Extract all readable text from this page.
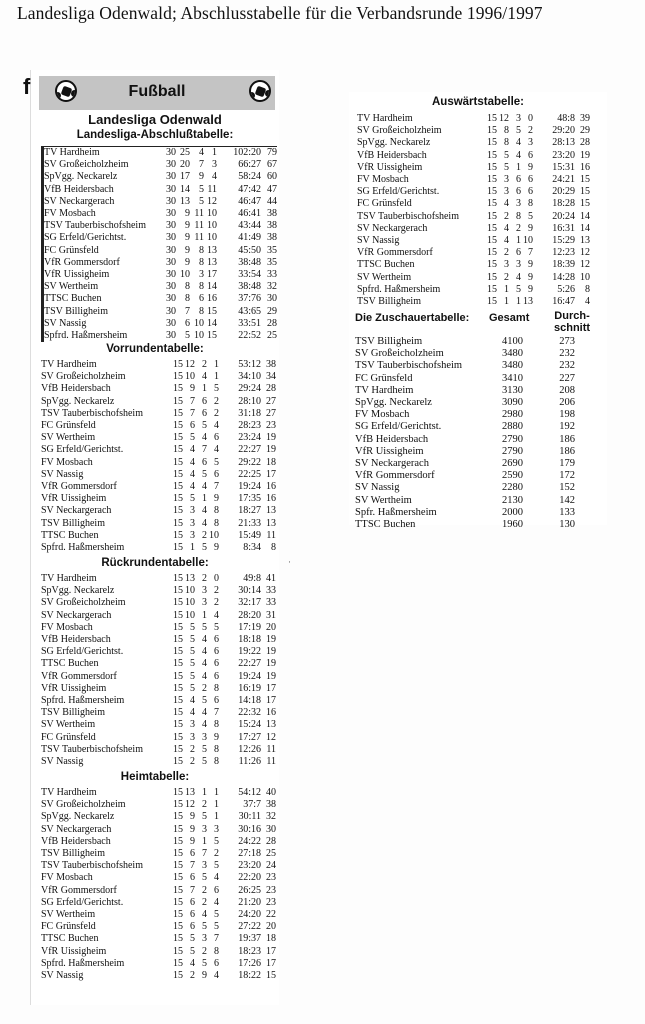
Landesliga Odenwald; Abschlusstabelle für die Verbandsrunde 1996/1997
f	Fußball
Landesliga Odenwald
Landesliga-Abschlußtabelle:
TV Hardheim	30	25	4	1	102:20	79
SV Großeicholzheim	30	20	7	3	66:27	67
SpVgg. Neckarelz	30	17	9	4	58:24	60
VfB Heidersbach	30	14	5	11	47:42	47
SV Neckargerach	30	13	5	12	46:47	44
FV Mosbach	30	9	11	10	46:41	38
TSV Tauberbischofsheim	30	9	11	10	43:44	38
SG Erfeld/Gerichtst.	30	9	11	10	41:49	38
FC Grünsfeld	30	9	8	13	45:50	35
VfR Gommersdorf	30	9	8	13	38:48	35
VfR Uissigheim	30	10	3	17	33:54	33
SV Wertheim	30	8	8	14	38:48	32
TTSC Buchen	30	8	6	16	37:76	30
TSV Billigheim	30	7	8	15	43:65	29
SV Nassig	30	6	10	14	33:51	28
Spfrd. Haßmersheim	30	5	10	15	22:52	25
Vorrundentabelle:
TV Hardheim	15	12	2	1	53:12	38
SV Großeicholzheim	15	10	4	1	34:10	34
VfB Heidersbach	15	9	1	5	29:24	28
SpVgg. Neckarelz	15	7	6	2	28:10	27
TSV Tauberbischofsheim	15	7	6	2	31:18	27
FC Grünsfeld	15	6	5	4	28:23	23
SV Wertheim	15	5	4	6	23:24	19
SG Erfeld/Gerichtst.	15	4	7	4	22:27	19
FV Mosbach	15	4	6	5	29:22	18
SV Nassig	15	4	5	6	22:25	17
VfR Gommersdorf	15	4	4	7	19:24	16
VfR Uissigheim	15	5	1	9	17:35	16
SV Neckargerach	15	3	4	8	18:27	13
TSV Billigheim	15	3	4	8	21:33	13
TTSC Buchen	15	3	2	10	15:49	11
Spfrd. Haßmersheim	15	1	5	9	8:34	8
Rückrundentabelle:
TV Hardheim	15	13	2	0	49:8	41
SpVgg. Neckarelz	15	10	3	2	30:14	33
SV Großeicholzheim	15	10	3	2	32:17	33
SV Neckargerach	15	10	1	4	28:20	31
FV Mosbach	15	5	5	5	17:19	20
VfB Heidersbach	15	5	4	6	18:18	19
SG Erfeld/Gerichtst.	15	5	4	6	19:22	19
TTSC Buchen	15	5	4	6	22:27	19
VfR Gommersdorf	15	5	4	6	19:24	19
VfR Uissigheim	15	5	2	8	16:19	17
Spfrd. Haßmersheim	15	4	5	6	14:18	17
TSV Billigheim	15	4	4	7	22:32	16
SV Wertheim	15	3	4	8	15:24	13
FC Grünsfeld	15	3	3	9	17:27	12
TSV Tauberbischofsheim	15	2	5	8	12:26	11
SV Nassig	15	2	5	8	11:26	11
Heimtabelle:
TV Hardheim	15	13	1	1	54:12	40
SV Großeicholzheim	15	12	2	1	37:7	38
SpVgg. Neckarelz	15	9	5	1	30:11	32
SV Neckargerach	15	9	3	3	30:16	30
VfB Heidersbach	15	9	1	5	24:22	28
TSV Billigheim	15	6	7	2	27:18	25
TSV Tauberbischofsheim	15	7	3	5	23:20	24
FV Mosbach	15	6	5	4	22:20	23
VfR Gommersdorf	15	7	2	6	26:25	23
SG Erfeld/Gerichtst.	15	6	2	4	21:20	23
SV Wertheim	15	6	4	5	24:20	22
FC Grünsfeld	15	6	5	5	27:22	20
TTSC Buchen	15	5	3	7	19:37	18
VfR Uissigheim	15	5	2	8	18:23	17
Spfrd. Haßmersheim	15	4	5	6	17:26	17
SV Nassig	15	2	9	4	18:22	15
Auswärtstabelle:
TV Hardheim	15	12	3	0	48:8	39
SV Großeicholzheim	15	8	5	2	29:20	29
SpVgg. Neckarelz	15	8	4	3	28:13	28
VfB Heidersbach	15	5	4	6	23:20	19
VfR Uissigheim	15	5	1	9	15:31	16
FV Mosbach	15	3	6	6	24:21	15
SG Erfeld/Gerichtst.	15	3	6	6	20:29	15
FC Grünsfeld	15	4	3	8	18:28	15
TSV Tauberbischofsheim	15	2	8	5	20:24	14
SV Neckargerach	15	4	2	9	16:31	14
SV Nassig	15	4	1	10	15:29	13
VfR Gommersdorf	15	2	6	7	12:23	12
TTSC Buchen	15	3	3	9	18:39	12
SV Wertheim	15	2	4	9	14:28	10
Spfrd. Haßmersheim	15	1	5	9	5:26	8
TSV Billigheim	15	1	1	13	16:47	4
Die Zuschauertabelle: Gesamt Durch-
schnitt
TSV Billigheim	4100	273
SV Großeicholzheim	3480	232
TSV Tauberbischofsheim	3480	232
FC Grünsfeld	3410	227
TV Hardheim	3130	208
SpVgg. Neckarelz	3090	206
FV Mosbach	2980	198
SG Erfeld/Gerichtst.	2880	192
VfB Heidersbach	2790	186
VfR Uissigheim	2790	186
SV Neckargerach	2690	179
VfR Gommersdorf	2590	172
SV Nassig	2280	152
SV Wertheim	2130	142
Spfr. Haßmersheim	2000	133
TTSC Buchen	1960	130
·
